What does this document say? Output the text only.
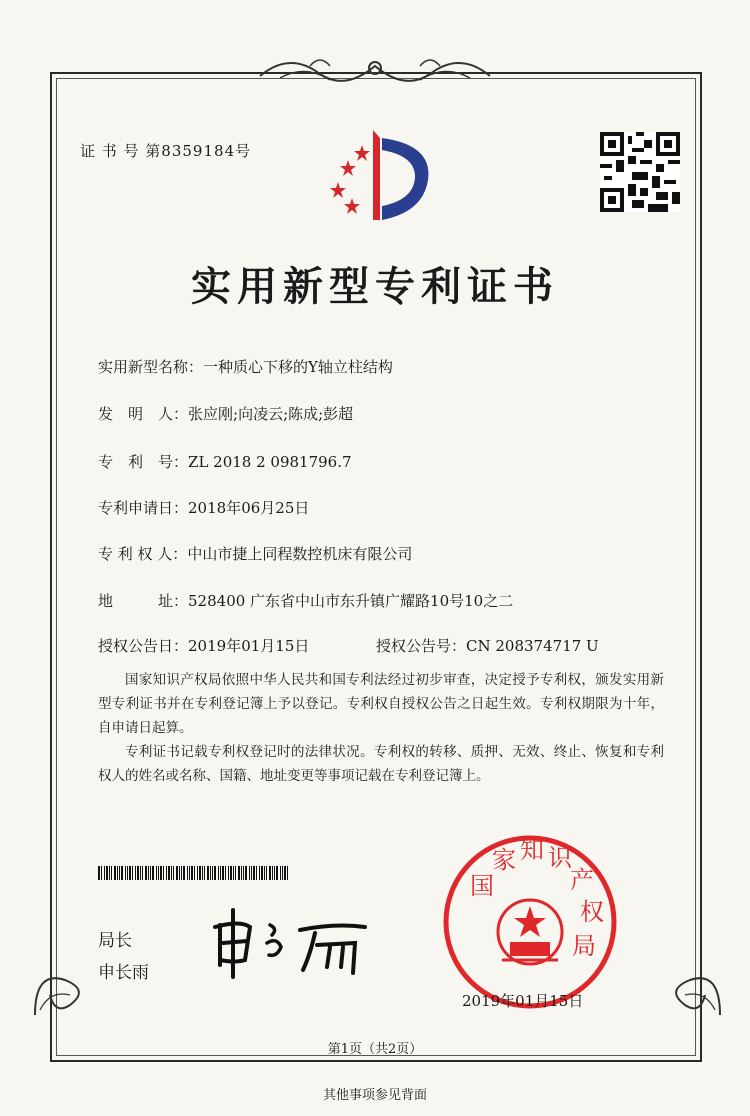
证 书 号 第8359184号
实用新型专利证书
实用新型名称：一种质心下移的Y轴立柱结构
发　明　人：张应刚;向凌云;陈成;彭超
专　利　号：ZL 2018 2 0981796.7
专利申请日：2018年06月25日
专 利 权 人：中山市捷上同程数控机床有限公司
地　　　址：528400 广东省中山市东升镇广耀路10号10之二
授权公告日：2019年01月15日	授权公告号：CN 208374717 U

国家知识产权局依照中华人民共和国专利法经过初步审查，决定授予专利权，颁发实用新型专利证书并在专利登记簿上予以登记。专利权自授权公告之日起生效。专利权期限为十年，自申请日起算。

专利证书记载专利权登记时的法律状况。专利权的转移、质押、无效、终止、恢复和专利权人的姓名或名称、国籍、地址变更等事项记载在专利登记簿上。

局长
申长雨
国
家 知 识
产
权
局
2019年01月15日
第1页（共2页）
其他事项参见背面
